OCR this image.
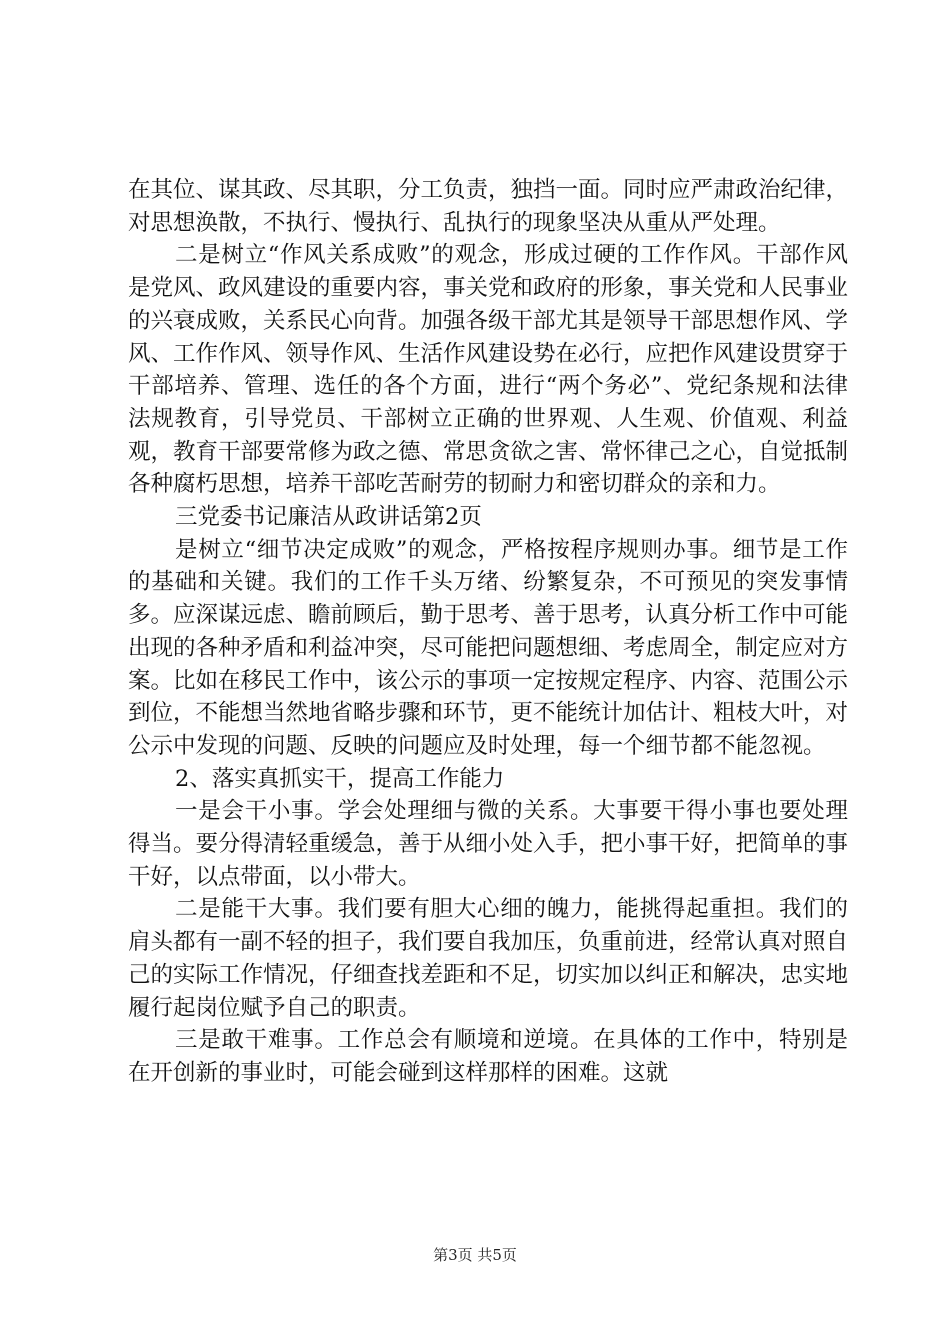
在其位、谋其政、尽其职，分工负责，独挡一面。同时应严肃政治纪律，对思想涣散，不执行、慢执行、乱执行的现象坚决从重从严处理。

二是树立“作风关系成败”的观念，形成过硬的工作作风。干部作风是党风、政风建设的重要内容，事关党和政府的形象，事关党和人民事业的兴衰成败，关系民心向背。加强各级干部尤其是领导干部思想作风、学风、工作作风、领导作风、生活作风建设势在必行，应把作风建设贯穿于干部培养、管理、选任的各个方面，进行“两个务必”、党纪条规和法律法规教育，引导党员、干部树立正确的世界观、人生观、价值观、利益观，教育干部要常修为政之德、常思贪欲之害、常怀律己之心，自觉抵制各种腐朽思想，培养干部吃苦耐劳的韧耐力和密切群众的亲和力。

三党委书记廉洁从政讲话第2页

是树立“细节决定成败”的观念，严格按程序规则办事。细节是工作的基础和关键。我们的工作千头万绪、纷繁复杂，不可预见的突发事情多。应深谋远虑、瞻前顾后，勤于思考、善于思考，认真分析工作中可能出现的各种矛盾和利益冲突，尽可能把问题想细、考虑周全，制定应对方案。比如在移民工作中，该公示的事项一定按规定程序、内容、范围公示到位，不能想当然地省略步骤和环节，更不能统计加估计、粗枝大叶，对公示中发现的问题、反映的问题应及时处理，每一个细节都不能忽视。

2、落实真抓实干，提高工作能力

一是会干小事。学会处理细与微的关系。大事要干得小事也要处理得当。要分得清轻重缓急，善于从细小处入手，把小事干好，把简单的事干好，以点带面，以小带大。

二是能干大事。我们要有胆大心细的魄力，能挑得起重担。我们的肩头都有一副不轻的担子，我们要自我加压，负重前进，经常认真对照自己的实际工作情况，仔细查找差距和不足，切实加以纠正和解决，忠实地履行起岗位赋予自己的职责。

三是敢干难事。工作总会有顺境和逆境。在具体的工作中，特别是在开创新的事业时，可能会碰到这样那样的困难。这就

第3页 共5页
